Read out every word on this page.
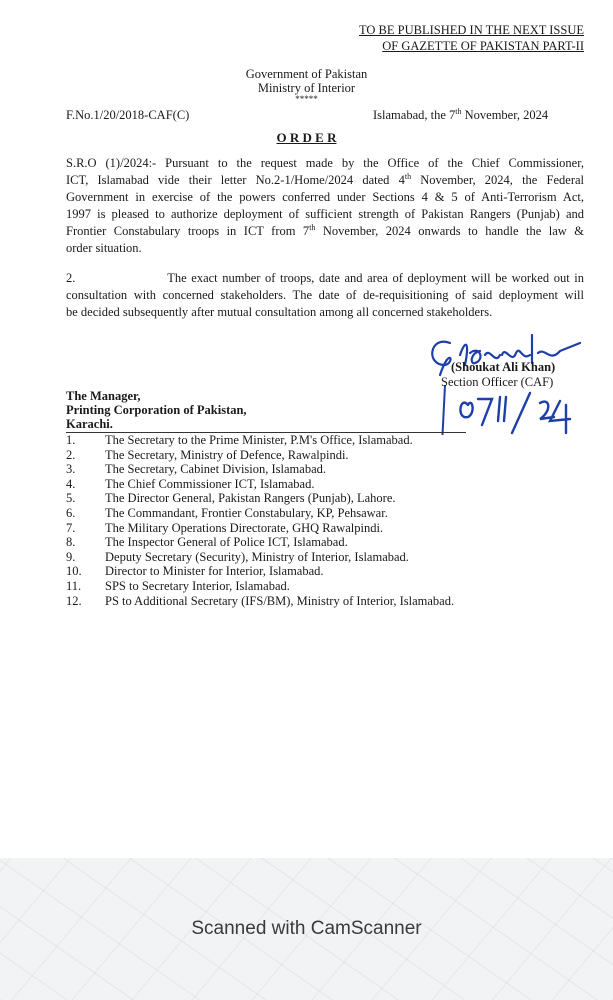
TO BE PUBLISHED IN THE NEXT ISSUE
OF GAZETTE OF PAKISTAN PART-II
Government of Pakistan
Ministry of Interior
*****
F.No.1/20/2018-CAF(C)	Islamabad, the 7th November, 2024
O R D E R
S.R.O (1)/2024:- Pursuant to the request made by the Office of the Chief Commissioner,
ICT, Islamabad vide their letter No.2-1/Home/2024 dated 4th November, 2024, the Federal
Government in exercise of the powers conferred under Sections 4 & 5 of Anti-Terrorism Act,
1997 is pleased to authorize deployment of sufficient strength of Pakistan Rangers (Punjab) and
Frontier Constabulary troops in ICT from 7th November, 2024 onwards to handle the law &
order situation.
2.                    The exact number of troops, date and area of deployment will be worked out in
consultation with concerned stakeholders. The date of de-requisitioning of said deployment will
be decided subsequently after mutual consultation among all concerned stakeholders.
(Shoukat Ali Khan)
Section Officer (CAF)
The Manager,
Printing Corporation of Pakistan,
Karachi.
1. The Secretary to the Prime Minister, P.M's Office, Islamabad.
2. The Secretary, Ministry of Defence, Rawalpindi.
3. The Secretary, Cabinet Division, Islamabad.
4. The Chief Commissioner ICT, Islamabad.
5. The Director General, Pakistan Rangers (Punjab), Lahore.
6. The Commandant, Frontier Constabulary, KP, Pehsawar.
7. The Military Operations Directorate, GHQ Rawalpindi.
8. The Inspector General of Police ICT, Islamabad.
9. Deputy Secretary (Security), Ministry of Interior, Islamabad.
10. Director to Minister for Interior, Islamabad.
11. SPS to Secretary Interior, Islamabad.
12. PS to Additional Secretary (IFS/BM), Ministry of Interior, Islamabad.
Scanned with CamScanner
